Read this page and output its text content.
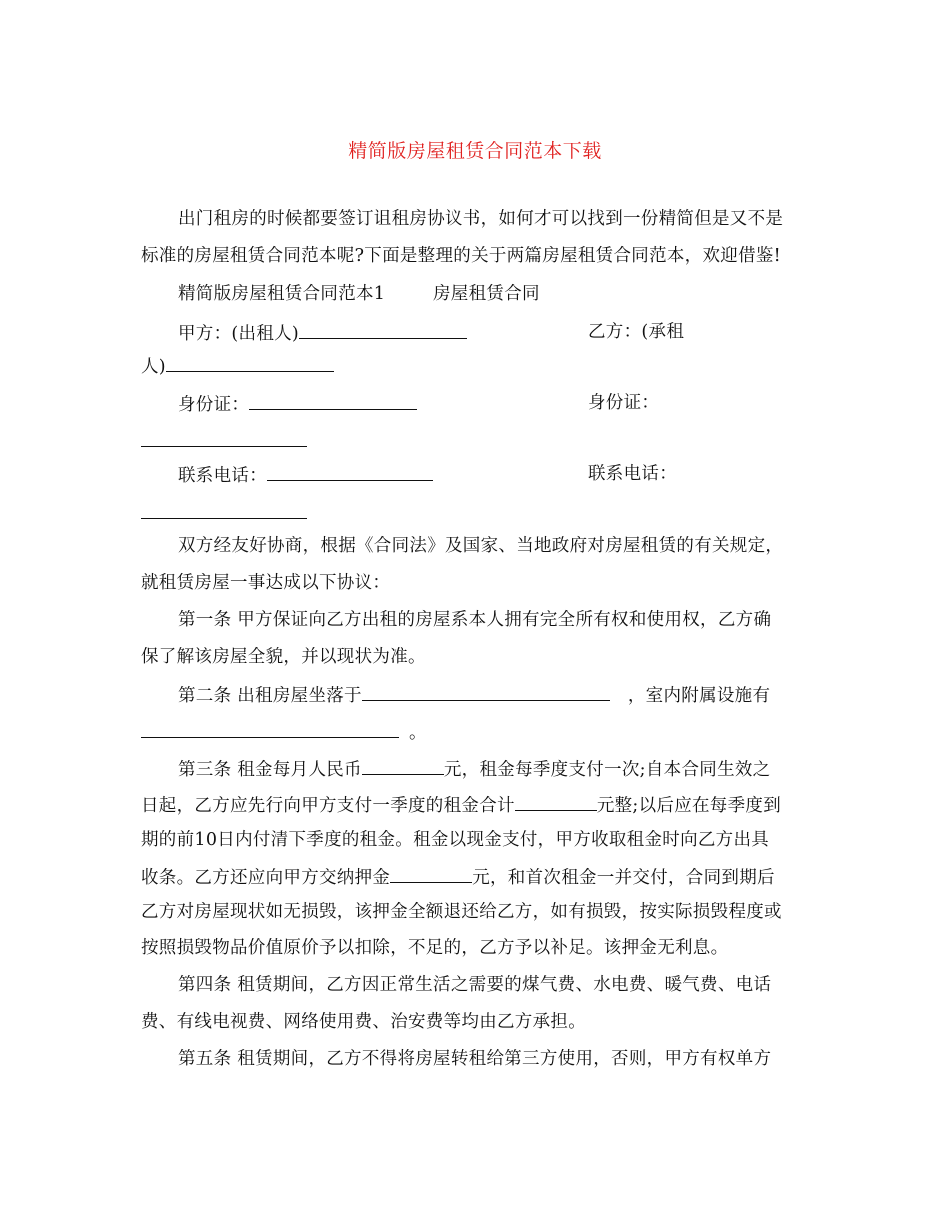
精简版房屋租赁合同范本下载
出门租房的时候都要签订诅租房协议书，如何才可以找到一份精简但是又不是
标准的房屋租赁合同范本呢?下面是整理的关于两篇房屋租赁合同范本，欢迎借鉴!
精简版房屋租赁合同范本1	房屋租赁合同
甲方：(出租人)	乙方：(承租
人)
身份证：	身份证：
联系电话：	联系电话：
双方经友好协商，根据《合同法》及国家、当地政府对房屋租赁的有关规定，
就租赁房屋一事达成以下协议：
第一条 甲方保证向乙方出租的房屋系本人拥有完全所有权和使用权，乙方确
保了解该房屋全貌，并以现状为准。
第二条 出租房屋坐落于	，室内附属设施有
。
第三条 租金每月人民币	元，租金每季度支付一次;自本合同生效之
日起，乙方应先行向甲方支付一季度的租金合计	元整;以后应在每季度到
期的前10日内付清下季度的租金。租金以现金支付，甲方收取租金时向乙方出具
收条。乙方还应向甲方交纳押金	元，和首次租金一并交付，合同到期后
乙方对房屋现状如无损毁，该押金全额退还给乙方，如有损毁，按实际损毁程度或
按照损毁物品价值原价予以扣除，不足的，乙方予以补足。该押金无利息。
第四条 租赁期间，乙方因正常生活之需要的煤气费、水电费、暖气费、电话
费、有线电视费、网络使用费、治安费等均由乙方承担。
第五条 租赁期间，乙方不得将房屋转租给第三方使用，否则，甲方有权单方
